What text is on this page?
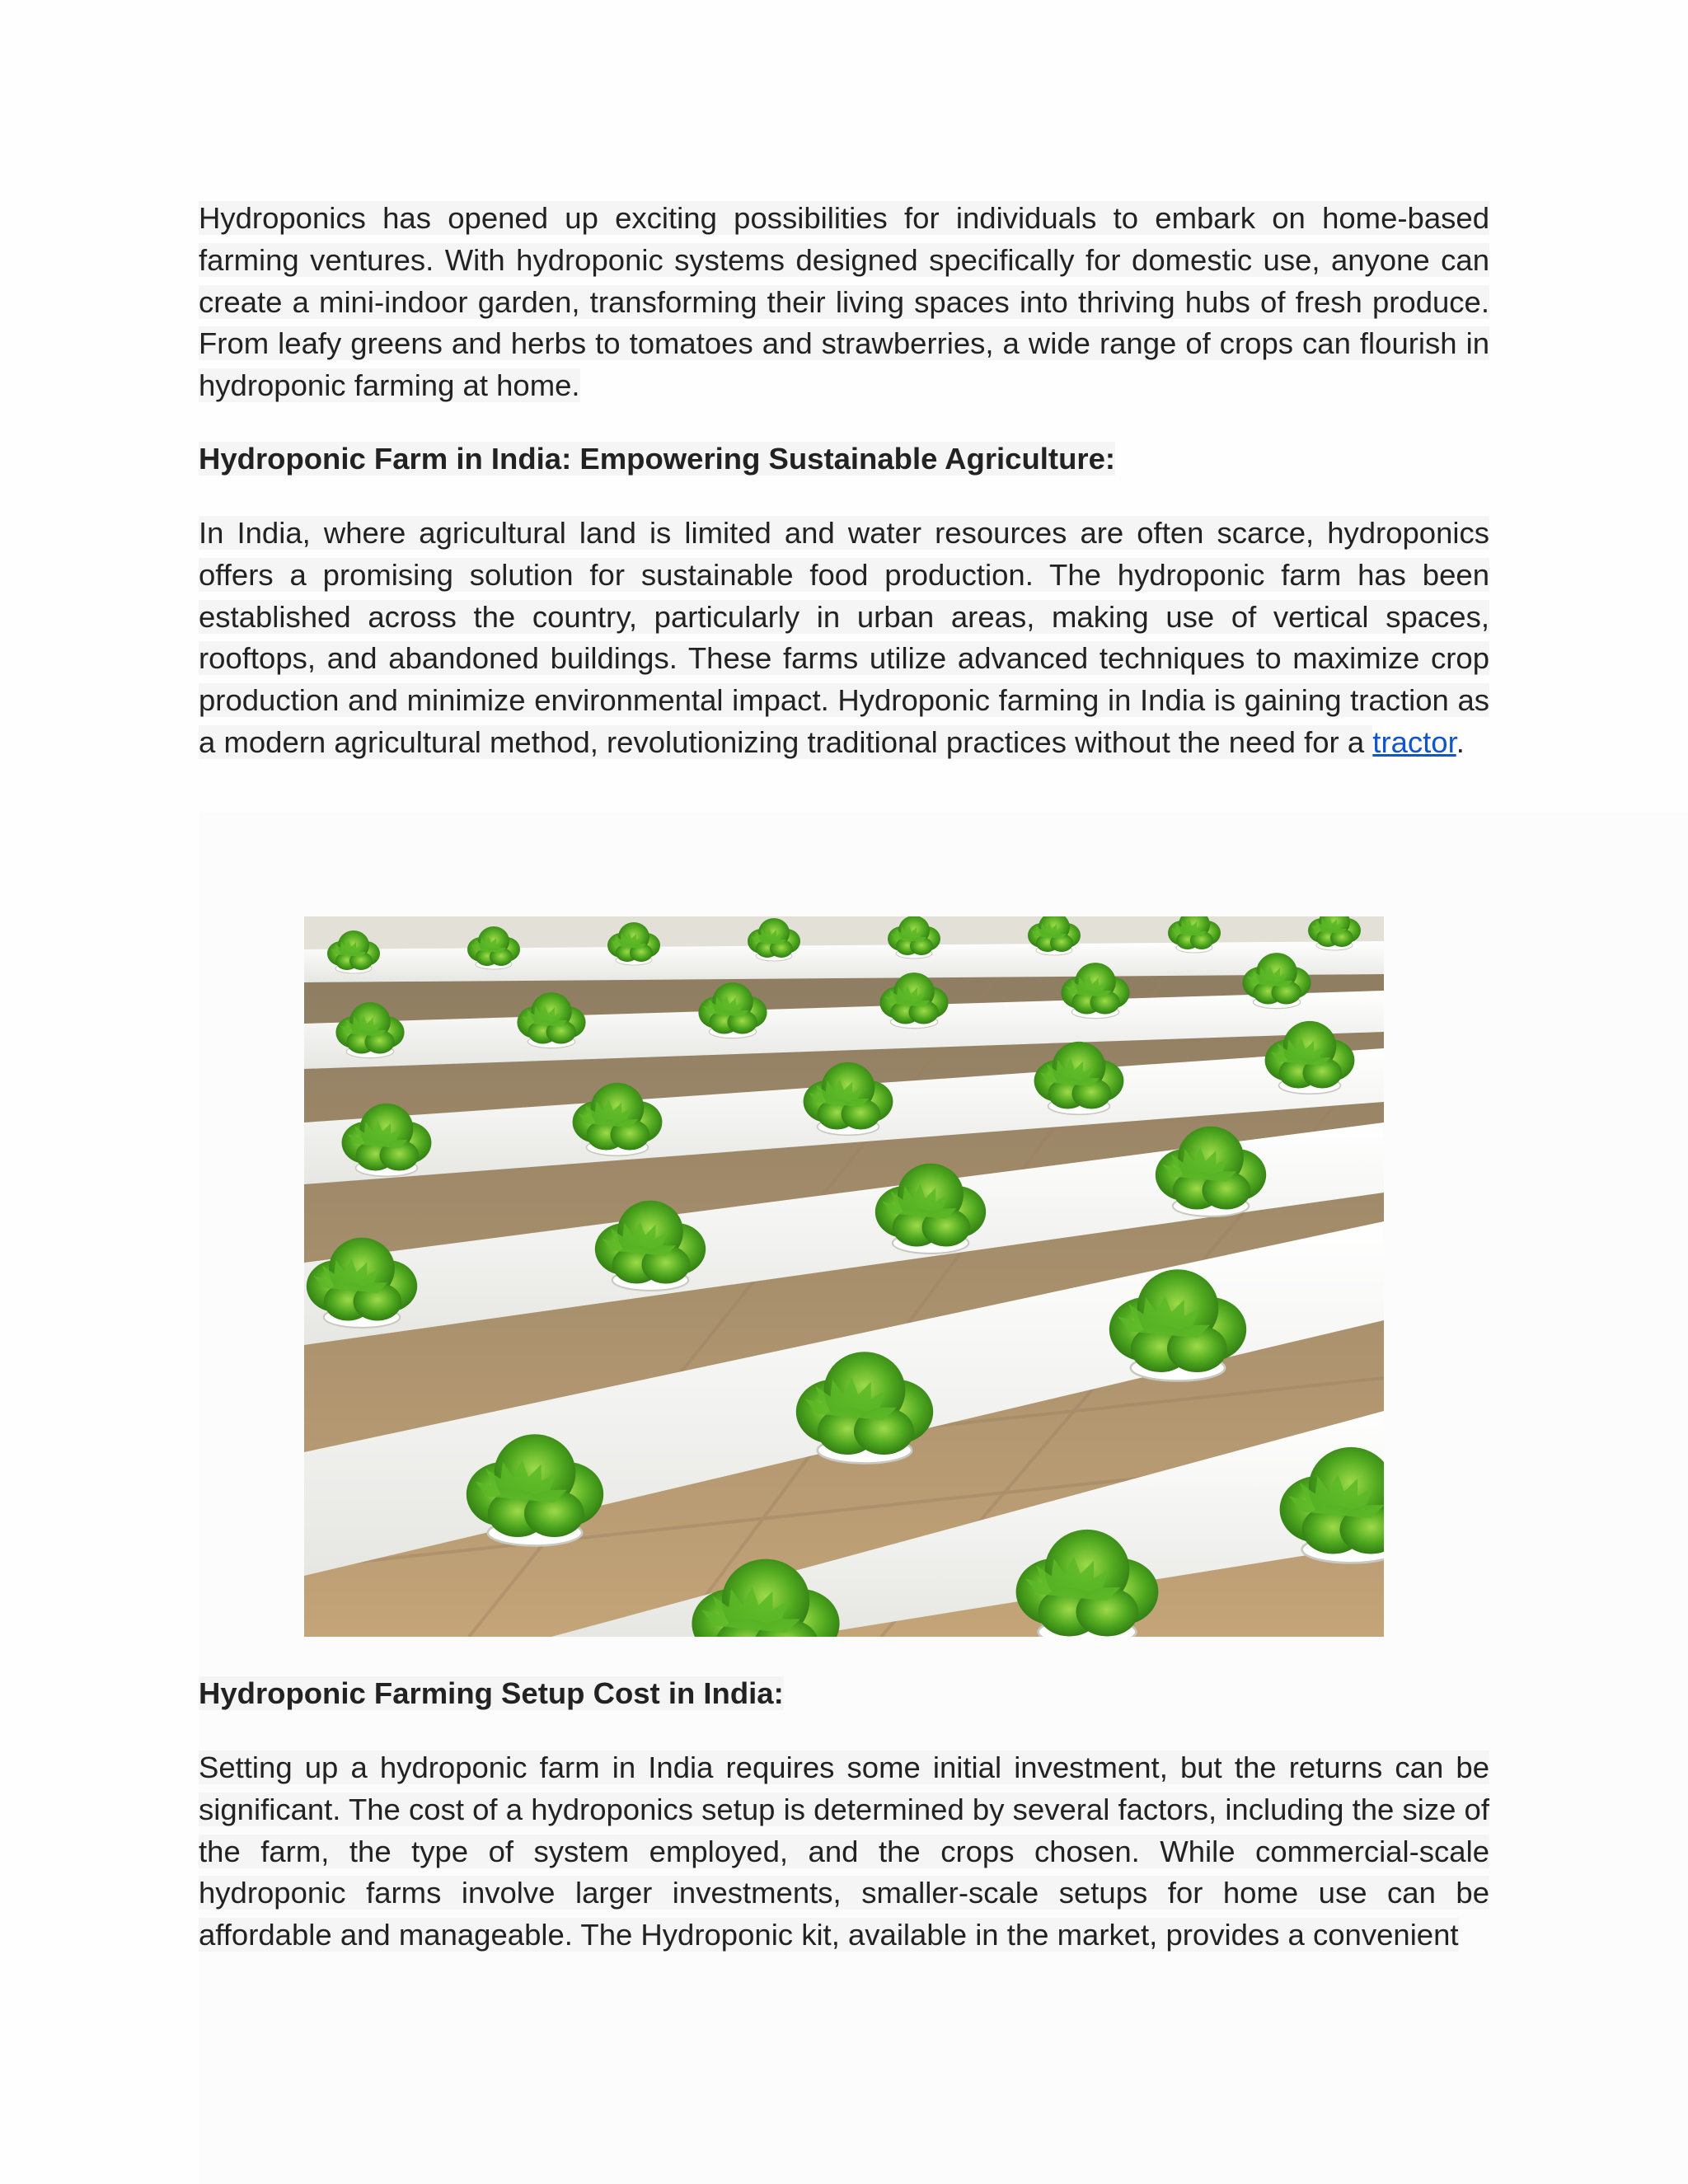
Hydroponics has opened up exciting possibilities for individuals to embark on home-based farming ventures. With hydroponic systems designed specifically for domestic use, anyone can create a mini-indoor garden, transforming their living spaces into thriving hubs of fresh produce. From leafy greens and herbs to tomatoes and strawberries, a wide range of crops can flourish in hydroponic farming at home.

Hydroponic Farm in India: Empowering Sustainable Agriculture:

In India, where agricultural land is limited and water resources are often scarce, hydroponics offers a promising solution for sustainable food production. The hydroponic farm has been established across the country, particularly in urban areas, making use of vertical spaces, rooftops, and abandoned buildings. These farms utilize advanced techniques to maximize crop production and minimize environmental impact. Hydroponic farming in India is gaining traction as a modern agricultural method, revolutionizing traditional practices without the need for a tractor.

Hydroponic Farming Setup Cost in India:

Setting up a hydroponic farm in India requires some initial investment, but the returns can be significant. The cost of a hydroponics setup is determined by several factors, including the size of the farm, the type of system employed, and the crops chosen. While commercial-scale hydroponic farms involve larger investments, smaller-scale setups for home use can be affordable and manageable. The Hydroponic kit, available in the market, provides a convenient
